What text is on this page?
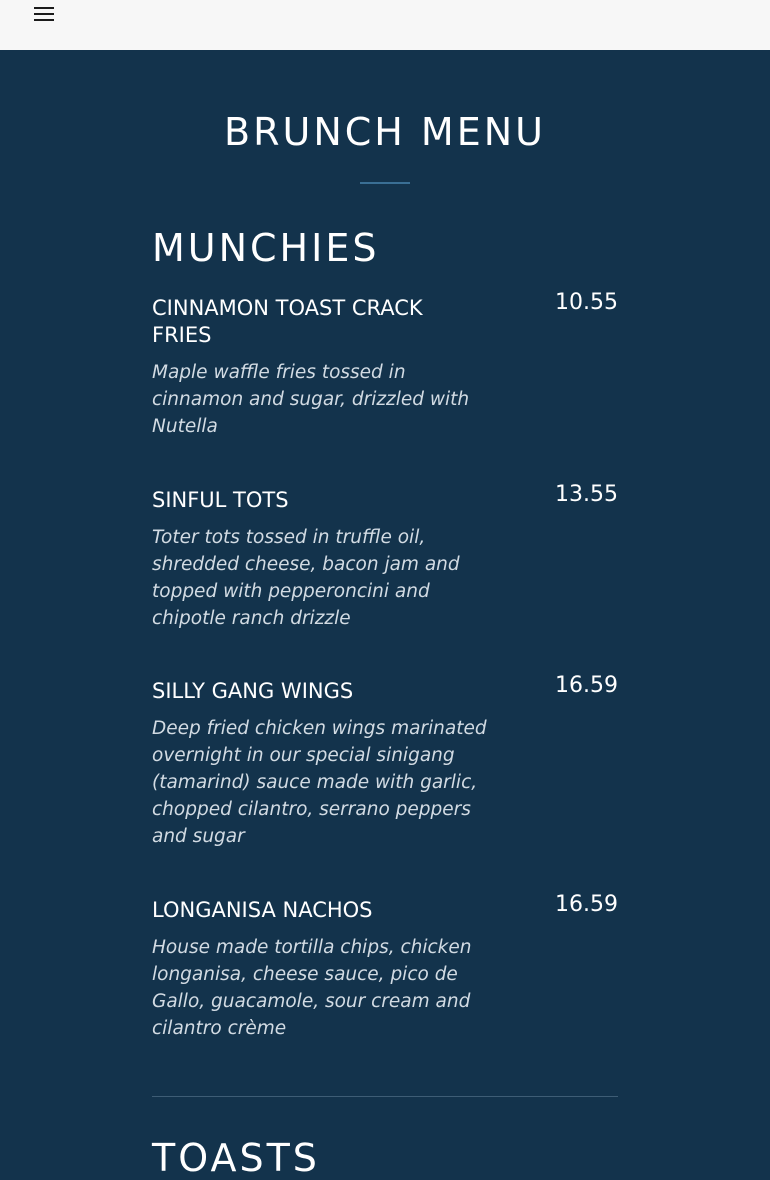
BRUNCH MENU
MUNCHIES
CINNAMON TOAST CRACK FRIES
10.55
Maple waffle fries tossed in cinnamon and sugar, drizzled with Nutella
SINFUL TOTS	13.55
Toter tots tossed in truffle oil, shredded cheese, bacon jam and topped with pepperoncini and chipotle ranch drizzle
SILLY GANG WINGS	16.59
Deep fried chicken wings marinated overnight in our special sinigang (tamarind) sauce made with garlic, chopped cilantro, serrano peppers and sugar
LONGANISA NACHOS	16.59
House made tortilla chips, chicken longanisa, cheese sauce, pico de Gallo, guacamole, sour cream and cilantro crème
TOASTS
